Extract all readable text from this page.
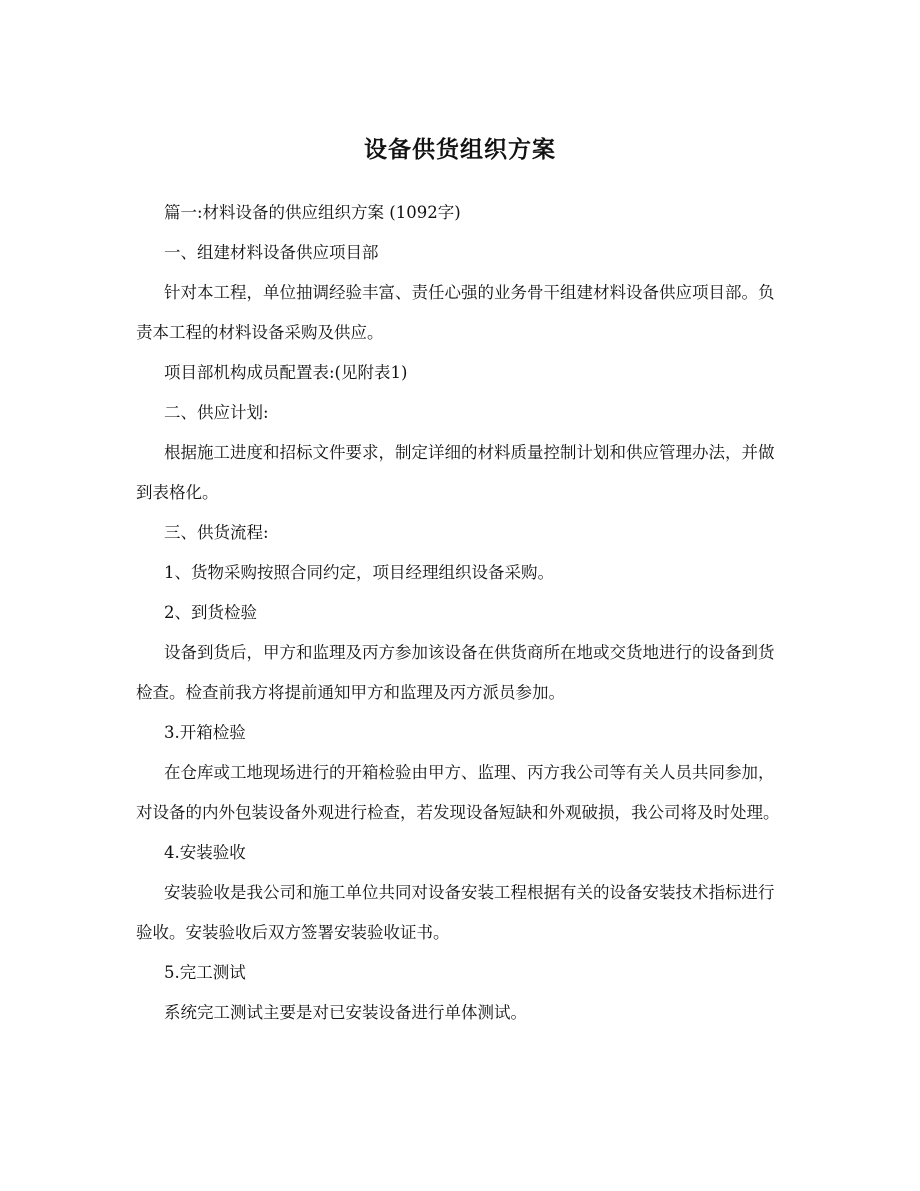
设备供货组织方案

篇一:材料设备的供应组织方案 (1092字)

一、组建材料设备供应项目部

针对本工程，单位抽调经验丰富、责任心强的业务骨干组建材料设备供应项目部。负责本工程的材料设备采购及供应。

项目部机构成员配置表:(见附表1)

二、供应计划:

根据施工进度和招标文件要求，制定详细的材料质量控制计划和供应管理办法，并做到表格化。

三、供货流程:

1、货物采购按照合同约定，项目经理组织设备采购。

2、到货检验

设备到货后，甲方和监理及丙方参加该设备在供货商所在地或交货地进行的设备到货检查。检查前我方将提前通知甲方和监理及丙方派员参加。

3.开箱检验

在仓库或工地现场进行的开箱检验由甲方、监理、丙方我公司等有关人员共同参加，对设备的内外包装设备外观进行检查，若发现设备短缺和外观破损，我公司将及时处理。

4.安装验收

安装验收是我公司和施工单位共同对设备安装工程根据有关的设备安装技术指标进行验收。安装验收后双方签署安装验收证书。

5.完工测试

系统完工测试主要是对已安装设备进行单体测试。
